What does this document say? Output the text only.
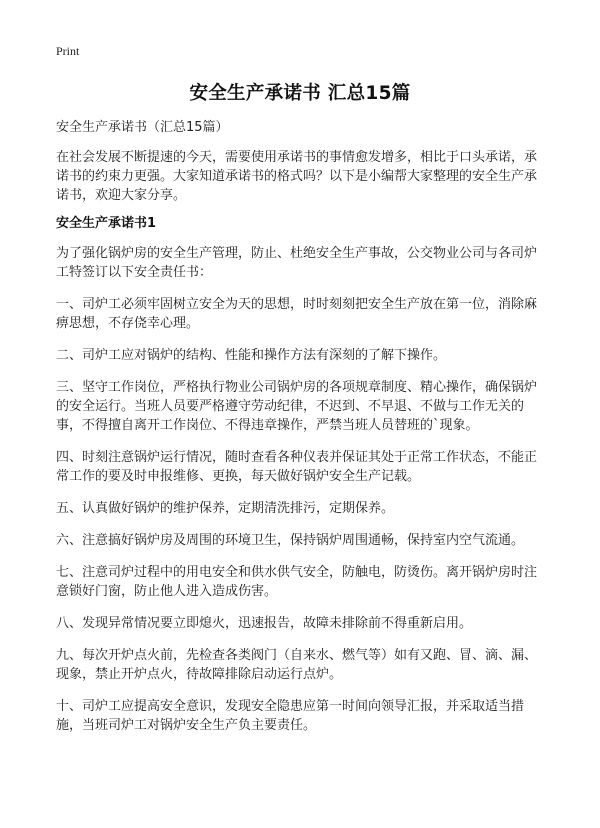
Print
安全生产承诺书 汇总15篇

安全生产承诺书（汇总15篇）

在社会发展不断提速的今天，需要使用承诺书的事情愈发增多，相比于口头承诺，承诺书的约束力更强。大家知道承诺书的格式吗？以下是小编帮大家整理的安全生产承诺书，欢迎大家分享。

安全生产承诺书1

为了强化锅炉房的安全生产管理，防止、杜绝安全生产事故，公交物业公司与各司炉工特签订以下安全责任书：

一、司炉工必须牢固树立安全为天的思想，时时刻刻把安全生产放在第一位，消除麻痹思想，不存侥幸心理。

二、司炉工应对锅炉的结构、性能和操作方法有深刻的了解下操作。

三、坚守工作岗位，严格执行物业公司锅炉房的各项规章制度、精心操作，确保锅炉的安全运行。当班人员要严格遵守劳动纪律，不迟到、不早退、不做与工作无关的事，不得擅自离开工作岗位、不得违章操作，严禁当班人员替班的`现象。

四、时刻注意锅炉运行情况，随时查看各种仪表并保证其处于正常工作状态，不能正常工作的要及时申报维修、更换，每天做好锅炉安全生产记载。

五、认真做好锅炉的维护保养，定期清洗排污，定期保养。

六、注意搞好锅炉房及周围的环境卫生，保持锅炉周围通畅，保持室内空气流通。

七、注意司炉过程中的用电安全和供水供气安全，防触电，防烫伤。离开锅炉房时注意锁好门窗，防止他人进入造成伤害。

八、发现异常情况要立即熄火，迅速报告，故障未排除前不得重新启用。

九、每次开炉点火前，先检查各类阀门（自来水、燃气等）如有又跑、冒、滴、漏、现象，禁止开炉点火，待故障排除启动运行点炉。

十、司炉工应提高安全意识，发现安全隐患应第一时间向领导汇报，并采取适当措施，当班司炉工对锅炉安全生产负主要责任。
